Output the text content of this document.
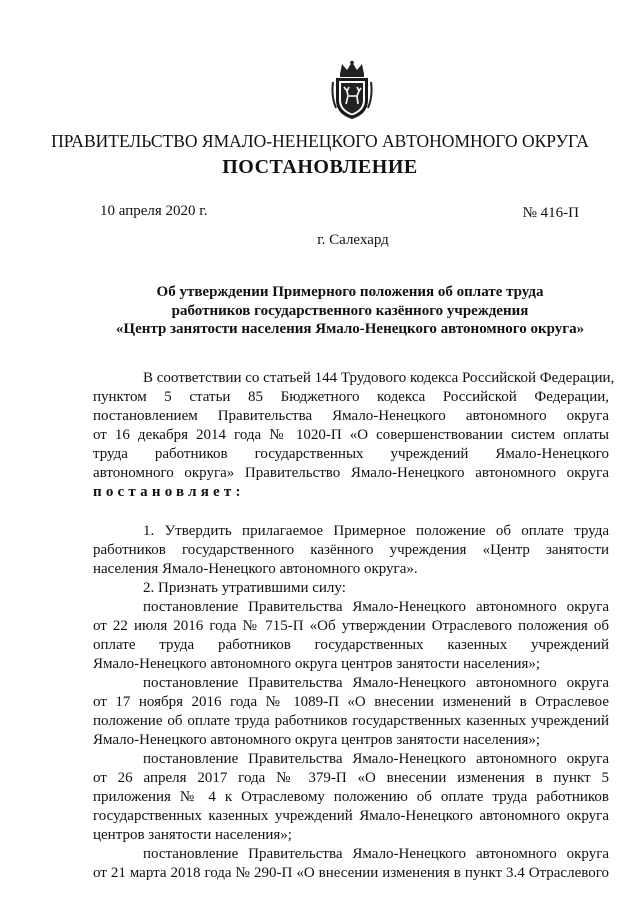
ПРАВИТЕЛЬСТВО ЯМАЛО-НЕНЕЦКОГО АВТОНОМНОГО ОКРУГА
ПОСТАНОВЛЕНИЕ
10 апреля 2020 г.	№ 416-П
г. Салехард
Об утверждении Примерного положения об оплате труда
работников государственного казённого учреждения
«Центр занятости населения Ямало-Ненецкого автономного округа»
В соответствии со статьей 144 Трудового кодекса Российской Федерации,
пунктом 5 статьи 85 Бюджетного кодекса Российской Федерации,
постановлением Правительства Ямало-Ненецкого автономного округа
от 16 декабря 2014 года № 1020-П «О совершенствовании систем оплаты
труда работников государственных учреждений Ямало-Ненецкого
автономного округа» Правительство Ямало-Ненецкого автономного округа
постановляет:
1. Утвердить прилагаемое Примерное положение об оплате труда
работников государственного казённого учреждения «Центр занятости
населения Ямало-Ненецкого автономного округа».
2. Признать утратившими силу:
постановление Правительства Ямало-Ненецкого автономного округа
от 22 июля 2016 года № 715-П «Об утверждении Отраслевого положения об
оплате труда работников государственных казенных учреждений
Ямало-Ненецкого автономного округа центров занятости населения»;
постановление Правительства Ямало-Ненецкого автономного округа
от 17 ноября 2016 года № 1089-П «О внесении изменений в Отраслевое
положение об оплате труда работников государственных казенных учреждений
Ямало-Ненецкого автономного округа центров занятости населения»;
постановление Правительства Ямало-Ненецкого автономного округа
от 26 апреля 2017 года № 379-П «О внесении изменения в пункт 5
приложения № 4 к Отраслевому положению об оплате труда работников
государственных казенных учреждений Ямало-Ненецкого автономного округа
центров занятости населения»;
постановление Правительства Ямало-Ненецкого автономного округа
от 21 марта 2018 года № 290-П «О внесении изменения в пункт 3.4 Отраслевого
